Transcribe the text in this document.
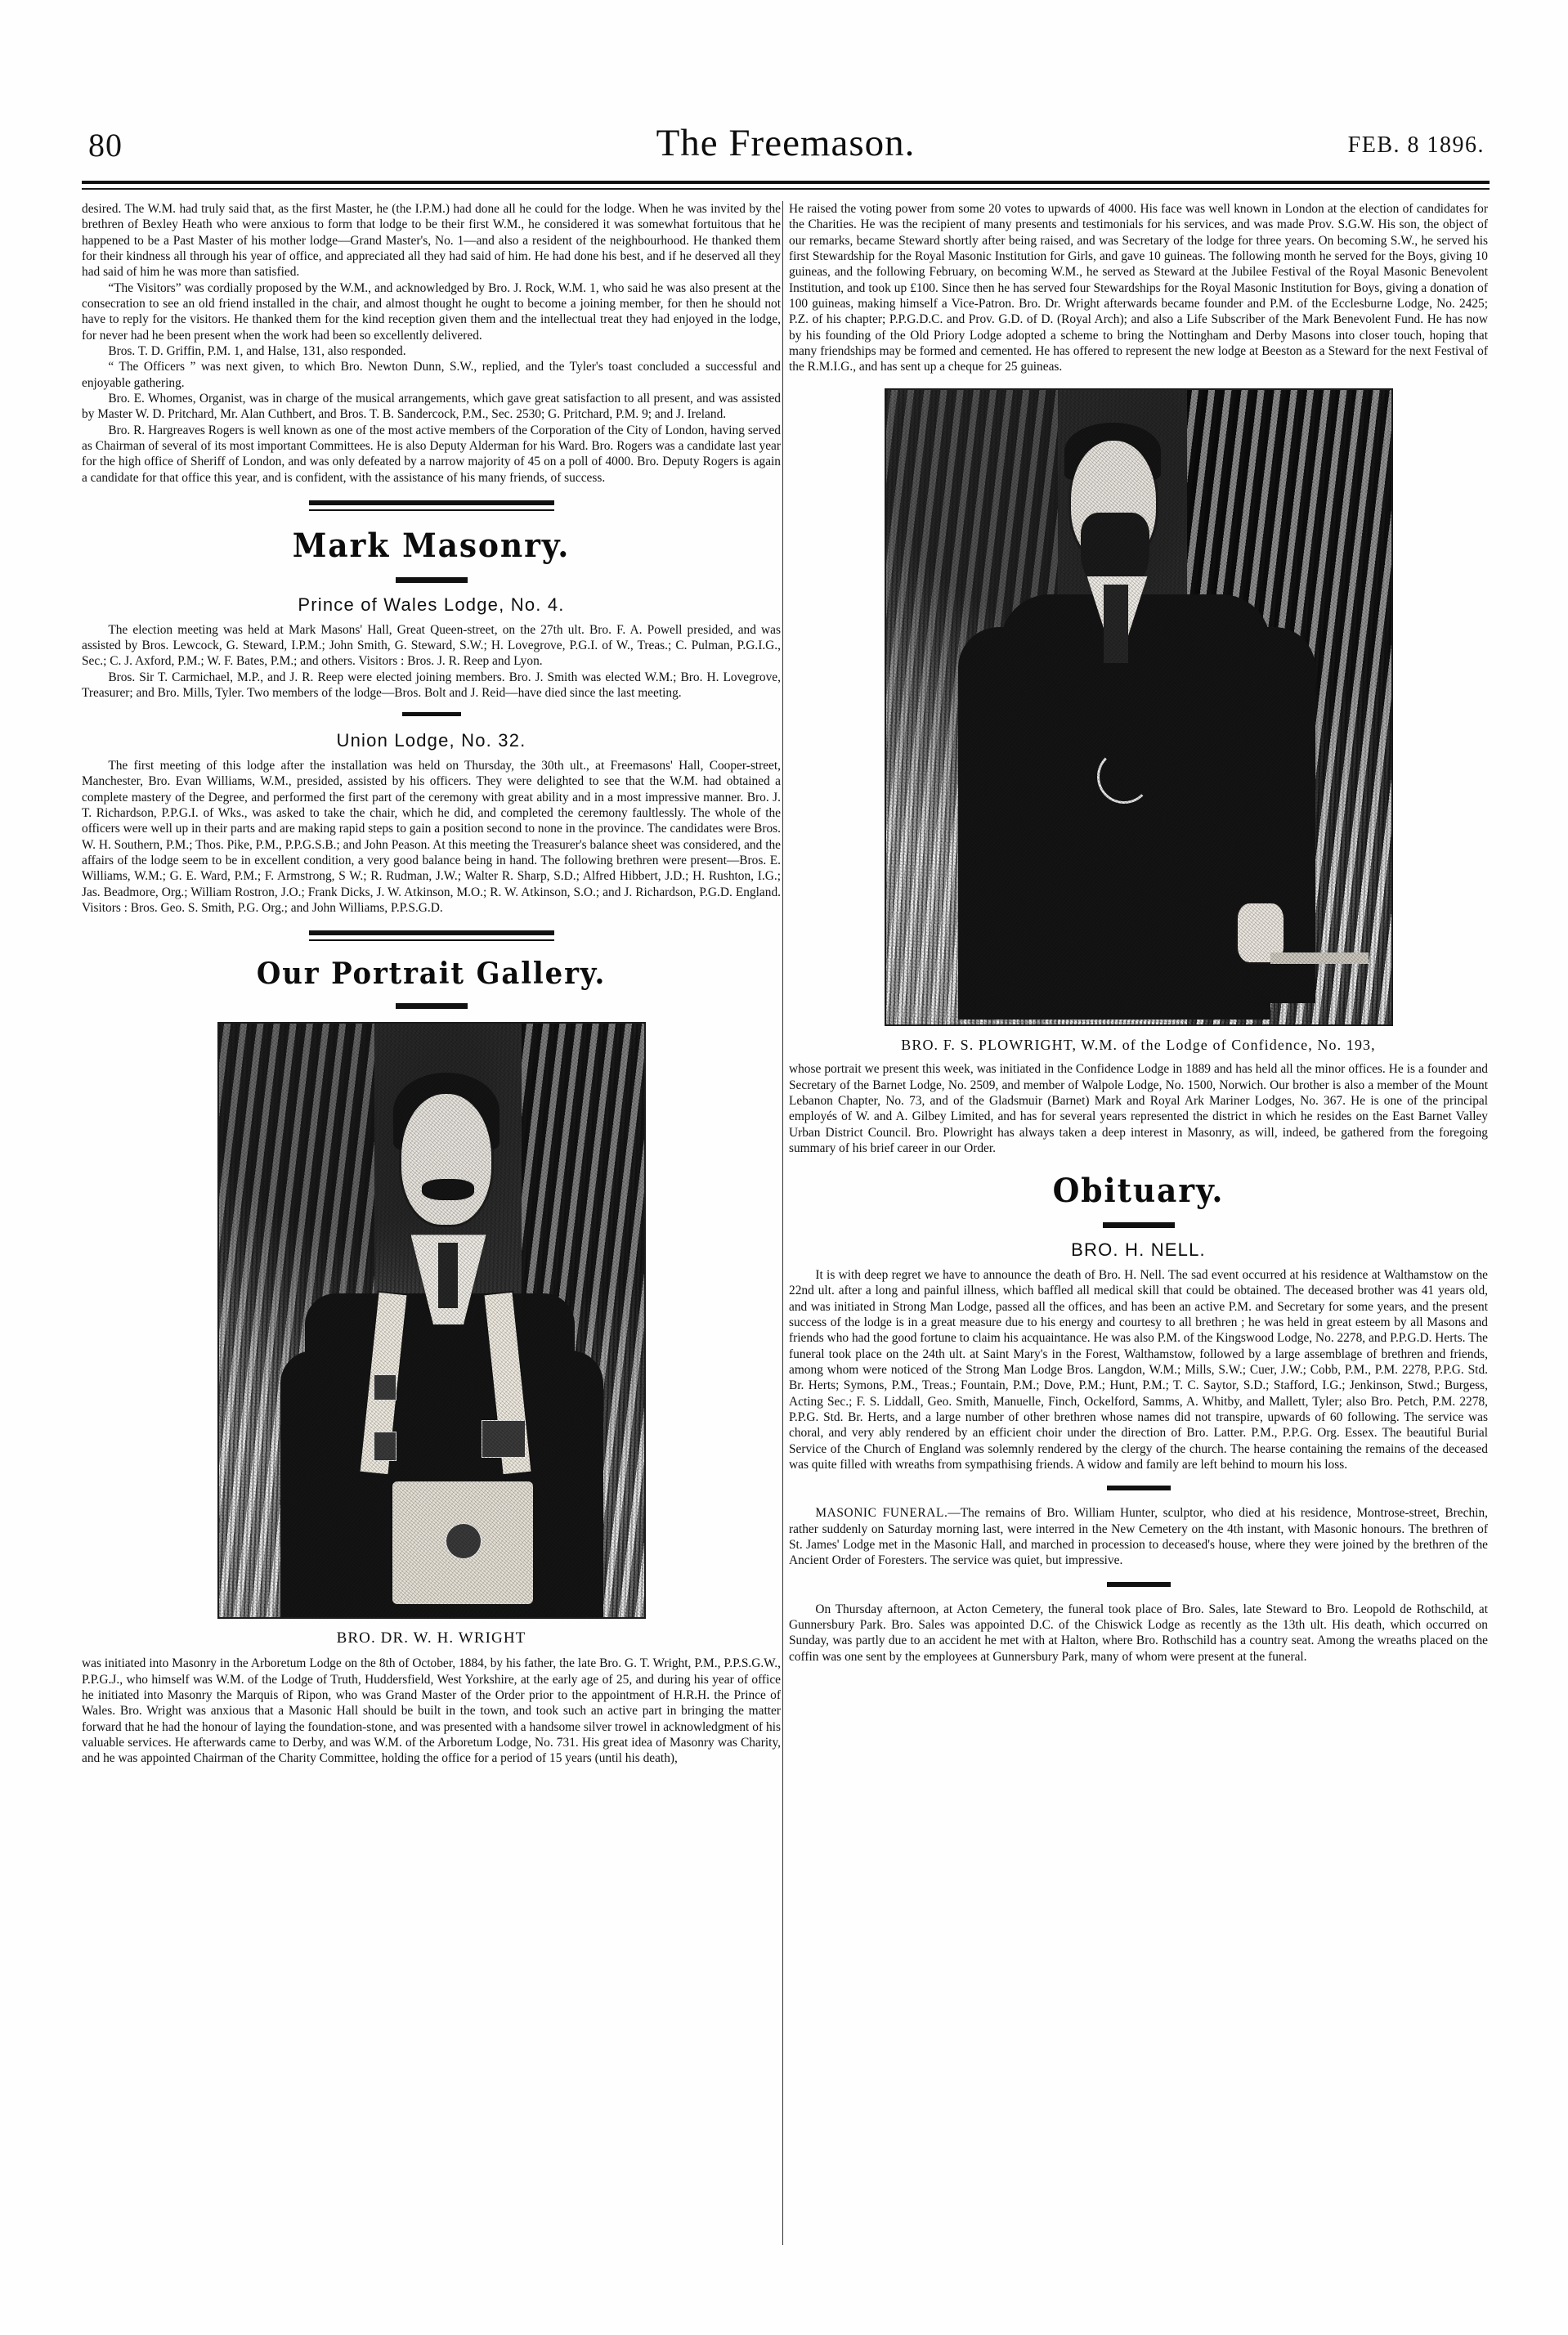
80	The Freemason.	FEB. 8 1896.

desired. The W.M. had truly said that, as the first Master, he (the I.P.M.) had done all he could for the lodge. When he was invited by the brethren of Bexley Heath who were anxious to form that lodge to be their first W.M., he considered it was somewhat fortuitous that he happened to be a Past Master of his mother lodge—Grand Master's, No. 1—and also a resident of the neighbourhood. He thanked them for their kindness all through his year of office, and appreciated all they had said of him. He had done his best, and if he deserved all they had said of him he was more than satisfied.

“The Visitors” was cordially proposed by the W.M., and acknowledged by Bro. J. Rock, W.M. 1, who said he was also present at the consecration to see an old friend installed in the chair, and almost thought he ought to become a joining member, for then he should not have to reply for the visitors. He thanked them for the kind reception given them and the intellectual treat they had enjoyed in the lodge, for never had he been present when the work had been so excellently delivered.

Bros. T. D. Griffin, P.M. 1, and Halse, 131, also responded.

“ The Officers ” was next given, to which Bro. Newton Dunn, S.W., replied, and the Tyler's toast concluded a successful and enjoyable gathering.

Bro. E. Whomes, Organist, was in charge of the musical arrangements, which gave great satisfaction to all present, and was assisted by Master W. D. Pritchard, Mr. Alan Cuthbert, and Bros. T. B. Sandercock, P.M., Sec. 2530; G. Pritchard, P.M. 9; and J. Ireland.

Bro. R. Hargreaves Rogers is well known as one of the most active members of the Corporation of the City of London, having served as Chairman of several of its most important Committees. He is also Deputy Alderman for his Ward. Bro. Rogers was a candidate last year for the high office of Sheriff of London, and was only defeated by a narrow majority of 45 on a poll of 4000. Bro. Deputy Rogers is again a candidate for that office this year, and is confident, with the assistance of his many friends, of success.

Mark Masonry.

Prince of Wales Lodge, No. 4.

The election meeting was held at Mark Masons' Hall, Great Queen-street, on the 27th ult. Bro. F. A. Powell presided, and was assisted by Bros. Lewcock, G. Steward, I.P.M.; John Smith, G. Steward, S.W.; H. Lovegrove, P.G.I. of W., Treas.; C. Pulman, P.G.I.G., Sec.; C. J. Axford, P.M.; W. F. Bates, P.M.; and others. Visitors : Bros. J. R. Reep and Lyon.

Bros. Sir T. Carmichael, M.P., and J. R. Reep were elected joining members. Bro. J. Smith was elected W.M.; Bro. H. Lovegrove, Treasurer; and Bro. Mills, Tyler. Two members of the lodge—Bros. Bolt and J. Reid—have died since the last meeting.

Union Lodge, No. 32.

The first meeting of this lodge after the installation was held on Thursday, the 30th ult., at Freemasons' Hall, Cooper-street, Manchester, Bro. Evan Williams, W.M., presided, assisted by his officers. They were delighted to see that the W.M. had obtained a complete mastery of the Degree, and performed the first part of the ceremony with great ability and in a most impressive manner. Bro. J. T. Richardson, P.P.G.I. of Wks., was asked to take the chair, which he did, and completed the ceremony faultlessly. The whole of the officers were well up in their parts and are making rapid steps to gain a position second to none in the province. The candidates were Bros. W. H. Southern, P.M.; Thos. Pike, P.M., P.P.G.S.B.; and John Peason. At this meeting the Treasurer's balance sheet was considered, and the affairs of the lodge seem to be in excellent condition, a very good balance being in hand. The following brethren were present—Bros. E. Williams, W.M.; G. E. Ward, P.M.; F. Armstrong, S W.; R. Rudman, J.W.; Walter R. Sharp, S.D.; Alfred Hibbert, J.D.; H. Rushton, I.G.; Jas. Beadmore, Org.; William Rostron, J.O.; Frank Dicks, J. W. Atkinson, M.O.; R. W. Atkinson, S.O.; and J. Richardson, P.G.D. England. Visitors : Bros. Geo. S. Smith, P.G. Org.; and John Williams, P.P.S.G.D.

Our Portrait Gallery.

BRO. DR. W. H. WRIGHT

was initiated into Masonry in the Arboretum Lodge on the 8th of October, 1884, by his father, the late Bro. G. T. Wright, P.M., P.P.S.G.W., P.P.G.J., who himself was W.M. of the Lodge of Truth, Huddersfield, West Yorkshire, at the early age of 25, and during his year of office he initiated into Masonry the Marquis of Ripon, who was Grand Master of the Order prior to the appointment of H.R.H. the Prince of Wales. Bro. Wright was anxious that a Masonic Hall should be built in the town, and took such an active part in bringing the matter forward that he had the honour of laying the foundation-stone, and was presented with a handsome silver trowel in acknowledgment of his valuable services. He afterwards came to Derby, and was W.M. of the Arboretum Lodge, No. 731. His great idea of Masonry was Charity, and he was appointed Chairman of the Charity Committee, holding the office for a period of 15 years (until his death),

He raised the voting power from some 20 votes to upwards of 4000. His face was well known in London at the election of candidates for the Charities. He was the recipient of many presents and testimonials for his services, and was made Prov. S.G.W. His son, the object of our remarks, became Steward shortly after being raised, and was Secretary of the lodge for three years. On becoming S.W., he served his first Stewardship for the Royal Masonic Institution for Girls, and gave 10 guineas. The following month he served for the Boys, giving 10 guineas, and the following February, on becoming W.M., he served as Steward at the Jubilee Festival of the Royal Masonic Benevolent Institution, and took up £100. Since then he has served four Stewardships for the Royal Masonic Institution for Boys, giving a donation of 100 guineas, making himself a Vice-Patron. Bro. Dr. Wright afterwards became founder and P.M. of the Ecclesburne Lodge, No. 2425; P.Z. of his chapter; P.P.G.D.C. and Prov. G.D. of D. (Royal Arch); and also a Life Subscriber of the Mark Benevolent Fund. He has now by his founding of the Old Priory Lodge adopted a scheme to bring the Nottingham and Derby Masons into closer touch, hoping that many friendships may be formed and cemented. He has offered to represent the new lodge at Beeston as a Steward for the next Festival of the R.M.I.G., and has sent up a cheque for 25 guineas.

BRO. F. S. PLOWRIGHT, W.M. of the Lodge of Confidence, No. 193,

whose portrait we present this week, was initiated in the Confidence Lodge in 1889 and has held all the minor offices. He is a founder and Secretary of the Barnet Lodge, No. 2509, and member of Walpole Lodge, No. 1500, Norwich. Our brother is also a member of the Mount Lebanon Chapter, No. 73, and of the Gladsmuir (Barnet) Mark and Royal Ark Mariner Lodges, No. 367. He is one of the principal employés of W. and A. Gilbey Limited, and has for several years represented the district in which he resides on the East Barnet Valley Urban District Council. Bro. Plowright has always taken a deep interest in Masonry, as will, indeed, be gathered from the foregoing summary of his brief career in our Order.

Obituary.

BRO. H. NELL.

It is with deep regret we have to announce the death of Bro. H. Nell. The sad event occurred at his residence at Walthamstow on the 22nd ult. after a long and painful illness, which baffled all medical skill that could be obtained. The deceased brother was 41 years old, and was initiated in Strong Man Lodge, passed all the offices, and has been an active P.M. and Secretary for some years, and the present success of the lodge is in a great measure due to his energy and courtesy to all brethren ; he was held in great esteem by all Masons and friends who had the good fortune to claim his acquaintance. He was also P.M. of the Kingswood Lodge, No. 2278, and P.P.G.D. Herts. The funeral took place on the 24th ult. at Saint Mary's in the Forest, Walthamstow, followed by a large assemblage of brethren and friends, among whom were noticed of the Strong Man Lodge Bros. Langdon, W.M.; Mills, S.W.; Cuer, J.W.; Cobb, P.M., P.M. 2278, P.P.G. Std. Br. Herts; Symons, P.M., Treas.; Fountain, P.M.; Dove, P.M.; Hunt, P.M.; T. C. Saytor, S.D.; Stafford, I.G.; Jenkinson, Stwd.; Burgess, Acting Sec.; F. S. Liddall, Geo. Smith, Manuelle, Finch, Ockelford, Samms, A. Whitby, and Mallett, Tyler; also Bro. Petch, P.M. 2278, P.P.G. Std. Br. Herts, and a large number of other brethren whose names did not transpire, upwards of 60 following. The service was choral, and very ably rendered by an efficient choir under the direction of Bro. Latter. P.M., P.P.G. Org. Essex. The beautiful Burial Service of the Church of England was solemnly rendered by the clergy of the church. The hearse containing the remains of the deceased was quite filled with wreaths from sympathising friends. A widow and family are left behind to mourn his loss.

MASONIC FUNERAL.—The remains of Bro. William Hunter, sculptor, who died at his residence, Montrose-street, Brechin, rather suddenly on Saturday morning last, were interred in the New Cemetery on the 4th instant, with Masonic honours. The brethren of St. James' Lodge met in the Masonic Hall, and marched in procession to deceased's house, where they were joined by the brethren of the Ancient Order of Foresters. The service was quiet, but impressive.

On Thursday afternoon, at Acton Cemetery, the funeral took place of Bro. Sales, late Steward to Bro. Leopold de Rothschild, at Gunnersbury Park. Bro. Sales was appointed D.C. of the Chiswick Lodge as recently as the 13th ult. His death, which occurred on Sunday, was partly due to an accident he met with at Halton, where Bro. Rothschild has a country seat. Among the wreaths placed on the coffin was one sent by the employees at Gunnersbury Park, many of whom were present at the funeral.
